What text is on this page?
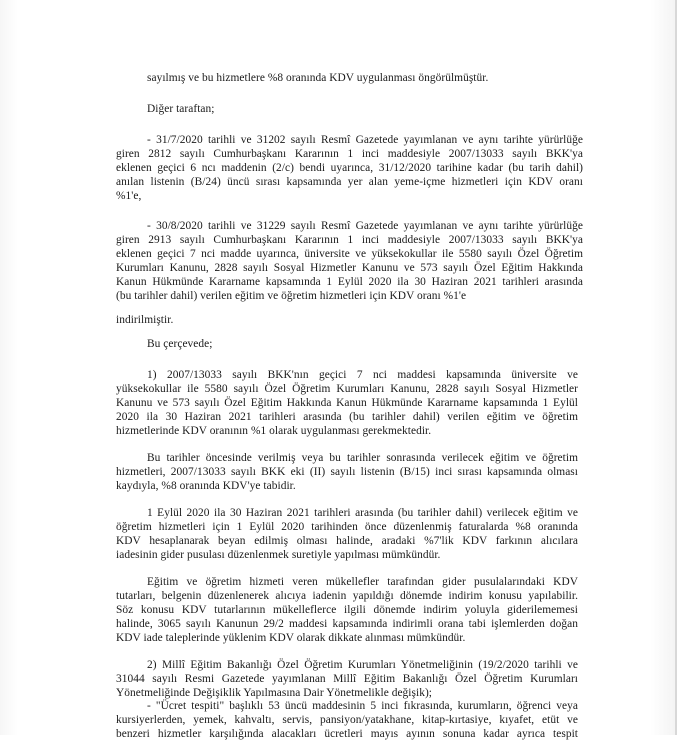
sayılmış ve bu hizmetlere %8 oranında KDV uygulanması öngörülmüştür.
Diğer taraftan;
- 31/7/2020 tarihli ve 31202 sayılı Resmî Gazetede yayımlanan ve aynı tarihte yürürlüğe
giren 2812 sayılı Cumhurbaşkanı Kararının 1 inci maddesiyle 2007/13033 sayılı BKK'ya
eklenen geçici 6 ncı maddenin (2/c) bendi uyarınca, 31/12/2020 tarihine kadar (bu tarih dahil)
anılan listenin (B/24) üncü sırası kapsamında yer alan yeme-içme hizmetleri için KDV oranı
%1'e,
- 30/8/2020 tarihli ve 31229 sayılı Resmî Gazetede yayımlanan ve aynı tarihte yürürlüğe
giren 2913 sayılı Cumhurbaşkanı Kararının 1 inci maddesiyle 2007/13033 sayılı BKK'ya
eklenen geçici 7 nci madde uyarınca, üniversite ve yüksekokullar ile 5580 sayılı Özel Öğretim
Kurumları Kanunu, 2828 sayılı Sosyal Hizmetler Kanunu ve 573 sayılı Özel Eğitim Hakkında
Kanun Hükmünde Kararname kapsamında 1 Eylül 2020 ila 30 Haziran 2021 tarihleri arasında
(bu tarihler dahil) verilen eğitim ve öğretim hizmetleri için KDV oranı %1'e
indirilmiştir.
Bu çerçevede;
1) 2007/13033 sayılı BKK'nın geçici 7 nci maddesi kapsamında üniversite ve
yüksekokullar ile 5580 sayılı Özel Öğretim Kurumları Kanunu, 2828 sayılı Sosyal Hizmetler
Kanunu ve 573 sayılı Özel Eğitim Hakkında Kanun Hükmünde Kararname kapsamında 1 Eylül
2020 ila 30 Haziran 2021 tarihleri arasında (bu tarihler dahil) verilen eğitim ve öğretim
hizmetlerinde KDV oranının %1 olarak uygulanması gerekmektedir.
Bu tarihler öncesinde verilmiş veya bu tarihler sonrasında verilecek eğitim ve öğretim
hizmetleri, 2007/13033 sayılı BKK eki (II) sayılı listenin (B/15) inci sırası kapsamında olması
kaydıyla, %8 oranında KDV'ye tabidir.
1 Eylül 2020 ila 30 Haziran 2021 tarihleri arasında (bu tarihler dahil) verilecek eğitim ve
öğretim hizmetleri için 1 Eylül 2020 tarihinden önce düzenlenmiş faturalarda %8 oranında
KDV hesaplanarak beyan edilmiş olması halinde, aradaki %7'lik KDV farkının alıcılara
iadesinin gider pusulası düzenlenmek suretiyle yapılması mümkündür.
Eğitim ve öğretim hizmeti veren mükellefler tarafından gider pusulalarındaki KDV
tutarları, belgenin düzenlenerek alıcıya iadenin yapıldığı dönemde indirim konusu yapılabilir.
Söz konusu KDV tutarlarının mükelleflerce ilgili dönemde indirim yoluyla giderilememesi
halinde, 3065 sayılı Kanunun 29/2 maddesi kapsamında indirimli orana tabi işlemlerden doğan
KDV iade taleplerinde yüklenim KDV olarak dikkate alınması mümkündür.
2) Millî Eğitim Bakanlığı Özel Öğretim Kurumları Yönetmeliğinin (19/2/2020 tarihli ve
31044 sayılı Resmi Gazetede yayımlanan Millî Eğitim Bakanlığı Özel Öğretim Kurumları
Yönetmeliğinde Değişiklik Yapılmasına Dair Yönetmelikle değişik);
- "Ücret tespiti" başlıklı 53 üncü maddesinin 5 inci fıkrasında, kurumların, öğrenci veya
kursiyerlerden, yemek, kahvaltı, servis, pansiyon/yatakhane, kitap-kırtasiye, kıyafet, etüt ve
benzeri hizmetler karşılığında alacakları ücretleri mayıs ayının sonuna kadar ayrıca tespit
